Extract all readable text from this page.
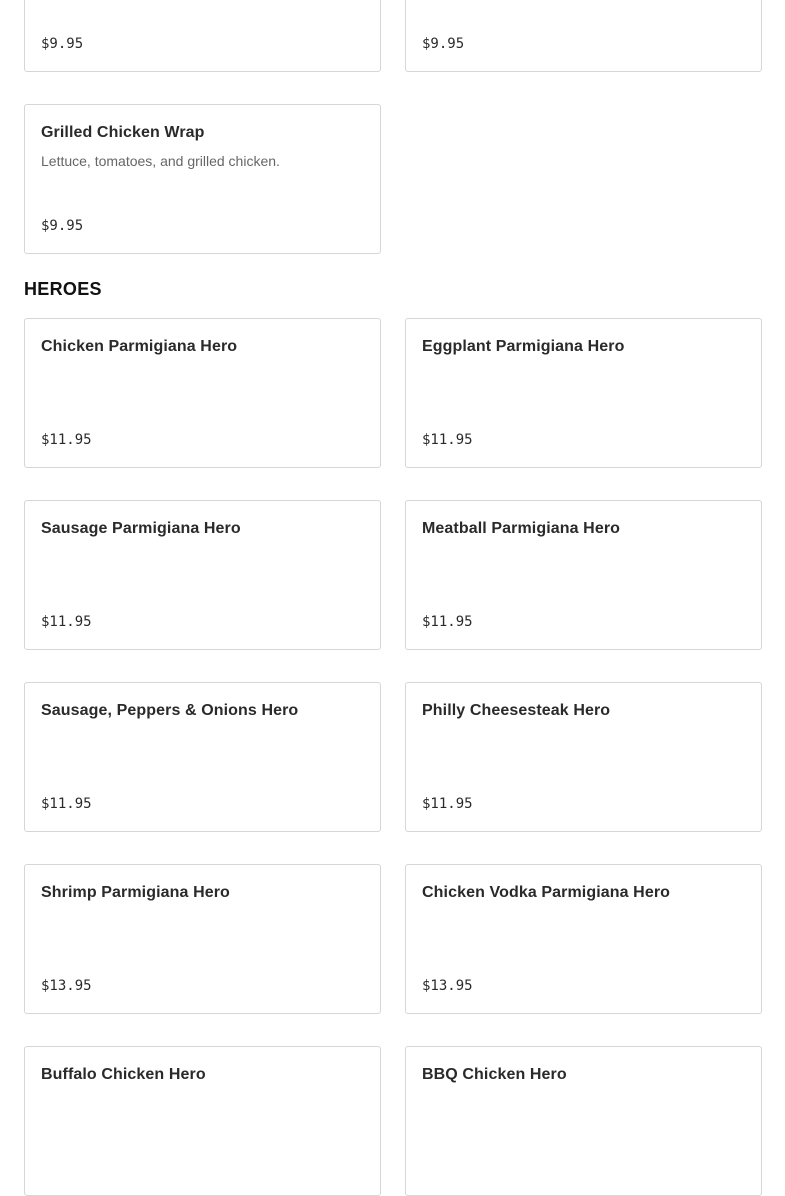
$9.95	$9.95
Grilled Chicken Wrap
Lettuce, tomatoes, and grilled chicken.
$9.95
HEROES
Chicken Parmigiana Hero
$11.95
Eggplant Parmigiana Hero
$11.95
Sausage Parmigiana Hero
$11.95
Meatball Parmigiana Hero
$11.95
Sausage, Peppers & Onions Hero
$11.95
Philly Cheesesteak Hero
$11.95
Shrimp Parmigiana Hero
$13.95
Chicken Vodka Parmigiana Hero
$13.95
Buffalo Chicken Hero	BBQ Chicken Hero
